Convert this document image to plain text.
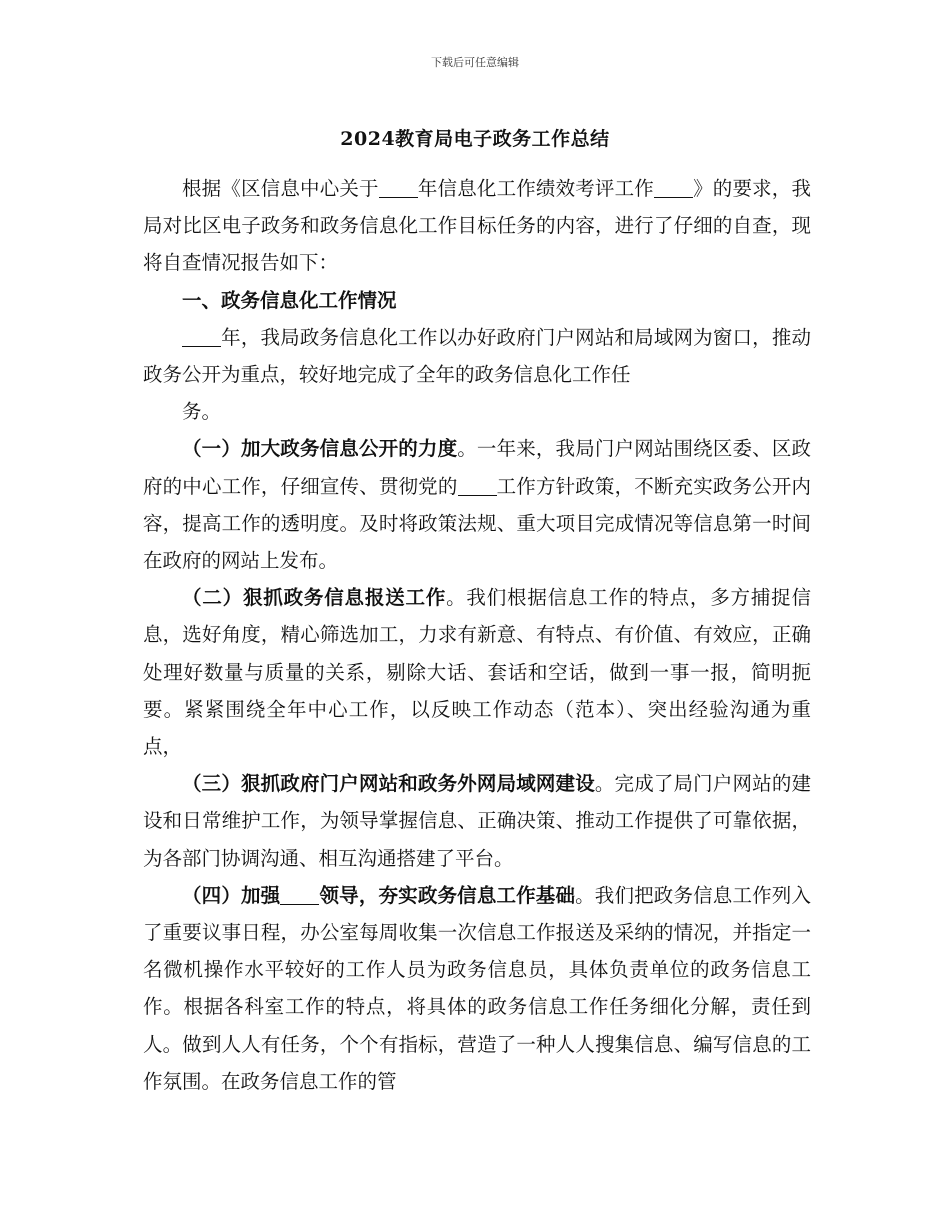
下载后可任意编辑
2024教育局电子政务工作总结

根据《区信息中心关于 年信息化工作绩效考评工作 》的要求，我局对比区电子政务和政务信息化工作目标任务的内容，进行了仔细的自查，现将自查情况报告如下：

一、政务信息化工作情况

年，我局政务信息化工作以办好政府门户网站和局域网为窗口，推动政务公开为重点，较好地完成了全年的政务信息化工作任

务。

（一）加大政务信息公开的力度。一年来，我局门户网站围绕区委、区政府的中心工作，仔细宣传、贯彻党的 工作方针政策，不断充实政务公开内容，提高工作的透明度。及时将政策法规、重大项目完成情况等信息第一时间在政府的网站上发布。

（二）狠抓政务信息报送工作。我们根据信息工作的特点，多方捕捉信息，选好角度，精心筛选加工，力求有新意、有特点、有价值、有效应，正确处理好数量与质量的关系，剔除大话、套话和空话，做到一事一报，简明扼要。紧紧围绕全年中心工作，以反映工作动态（范本）、突出经验沟通为重点，

（三）狠抓政府门户网站和政务外网局域网建设。完成了局门户网站的建设和日常维护工作，为领导掌握信息、正确决策、推动工作提供了可靠依据，为各部门协调沟通、相互沟通搭建了平台。

（四）加强 领导，夯实政务信息工作基础。我们把政务信息工作列入了重要议事日程，办公室每周收集一次信息工作报送及采纳的情况，并指定一名微机操作水平较好的工作人员为政务信息员，具体负责单位的政务信息工作。根据各科室工作的特点，将具体的政务信息工作任务细化分解，责任到人。做到人人有任务，个个有指标，营造了一种人人搜集信息、编写信息的工作氛围。在政务信息工作的管
